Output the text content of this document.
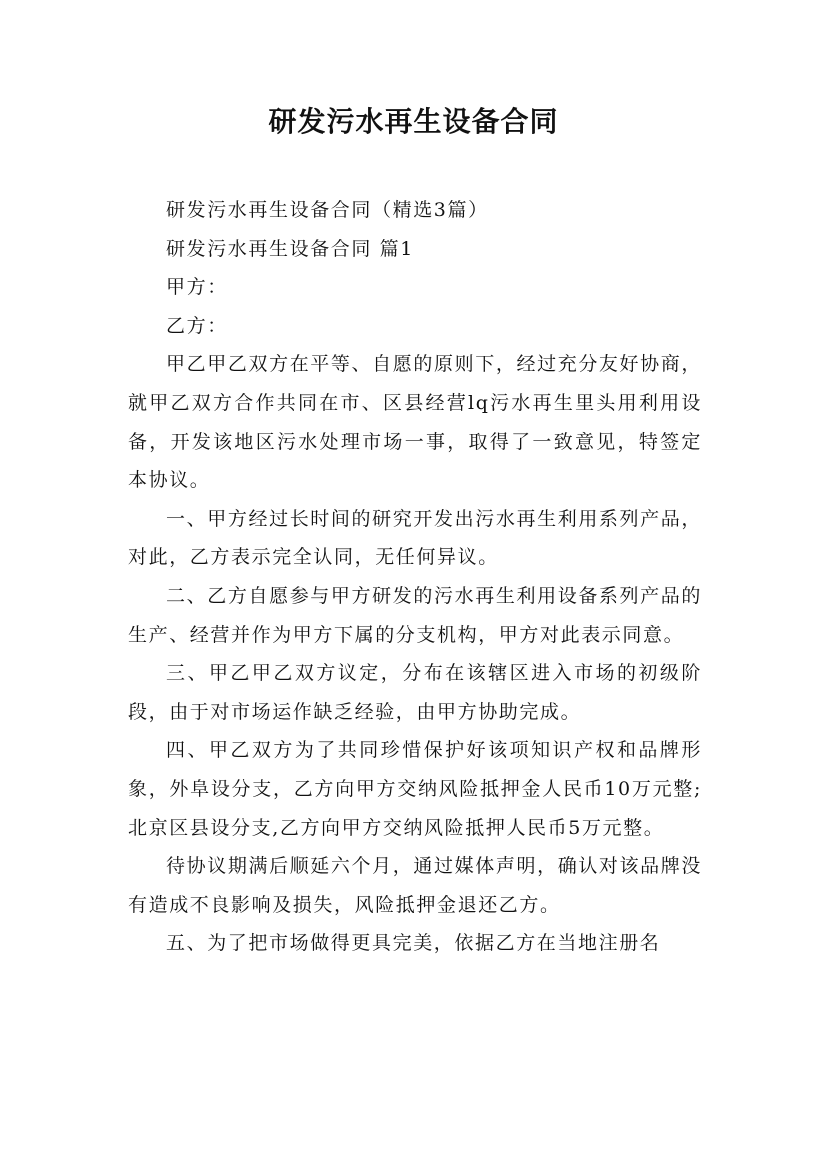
研发污水再生设备合同

研发污水再生设备合同（精选3篇）

研发污水再生设备合同 篇1

甲方：

乙方：

甲乙甲乙双方在平等、自愿的原则下，经过充分友好协商，就甲乙双方合作共同在市、区县经营lq污水再生里头用利用设备，开发该地区污水处理市场一事，取得了一致意见，特签定本协议。

一、甲方经过长时间的研究开发出污水再生利用系列产品，对此，乙方表示完全认同，无任何异议。

二、乙方自愿参与甲方研发的污水再生利用设备系列产品的生产、经营并作为甲方下属的分支机构，甲方对此表示同意。

三、甲乙甲乙双方议定，分布在该辖区进入市场的初级阶段，由于对市场运作缺乏经验，由甲方协助完成。

四、甲乙双方为了共同珍惜保护好该项知识产权和品牌形象，外阜设分支，乙方向甲方交纳风险抵押金人民币10万元整;北京区县设分支,乙方向甲方交纳风险抵押人民币5万元整。

待协议期满后顺延六个月，通过媒体声明，确认对该品牌没有造成不良影响及损失，风险抵押金退还乙方。

五、为了把市场做得更具完美，依据乙方在当地注册名
